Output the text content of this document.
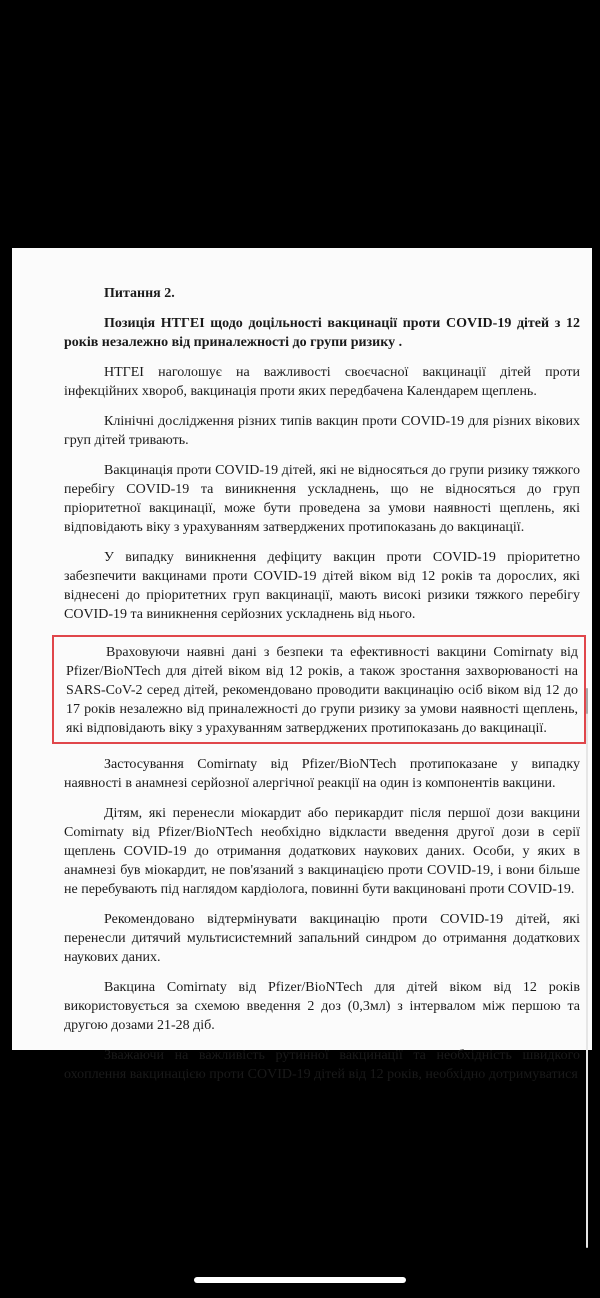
Питання 2.

Позиція НТГЕІ щодо доцільності вакцинації проти COVID-19 дітей з 12 років незалежно від приналежності до групи ризику .

НТГЕІ наголошує на важливості своєчасної вакцинації дітей проти інфекційних хвороб, вакцинація проти яких передбачена Календарем щеплень.

Клінічні дослідження різних типів вакцин проти COVID-19 для різних вікових груп дітей тривають.

Вакцинація проти COVID-19 дітей, які не відносяться до групи ризику тяжкого перебігу COVID-19 та виникнення ускладнень, що не відносяться до груп пріоритетної вакцинації, може бути проведена за умови наявності щеплень, які відповідають віку з урахуванням затверджених протипоказань до вакцинації.

У випадку виникнення дефіциту вакцин проти COVID-19 пріоритетно забезпечити вакцинами проти COVID-19 дітей віком від 12 років та дорослих, які віднесені до пріоритетних груп вакцинації, мають високі ризики тяжкого перебігу COVID-19 та виникнення серйозних ускладнень від нього.

Враховуючи наявні дані з безпеки та ефективності вакцини Comirnaty від Pfizer/BioNTech для дітей віком від 12 років, а також зростання захворюваності на SARS-CoV-2 серед дітей, рекомендовано проводити вакцинацію осіб віком від 12 до 17 років незалежно від приналежності до групи ризику за умови наявності щеплень, які відповідають віку з урахуванням затверджених протипоказань до вакцинації.

Застосування Comirnaty від Pfizer/BioNTech протипоказане у випадку наявності в анамнезі серйозної алергічної реакції на один із компонентів вакцини.

Дітям, які перенесли міокардит або перикардит після першої дози вакцини Comirnaty від Pfizer/BioNTech необхідно відкласти введення другої дози в серії щеплень COVID-19 до отримання додаткових наукових даних. Особи, у яких в анамнезі був міокардит, не пов'язаний з вакцинацією проти COVID-19, і вони більше не перебувають під наглядом кардіолога, повинні бути вакциновані проти COVID-19.

Рекомендовано відтермінувати вакцинацію проти COVID-19 дітей, які перенесли дитячий мультисистемний запальний синдром до отримання додаткових наукових даних.

Вакцина Comirnaty від Pfizer/BioNTech для дітей віком від 12 років використовується за схемою введення 2 доз (0,3мл) з інтервалом між першою та другою дозами 21-28 діб.

Зважаючи на важливість рутинної вакцинації та необхідність швидкого охоплення вакцинацією проти COVID-19 дітей від 12 років, необхідно дотримуватися
